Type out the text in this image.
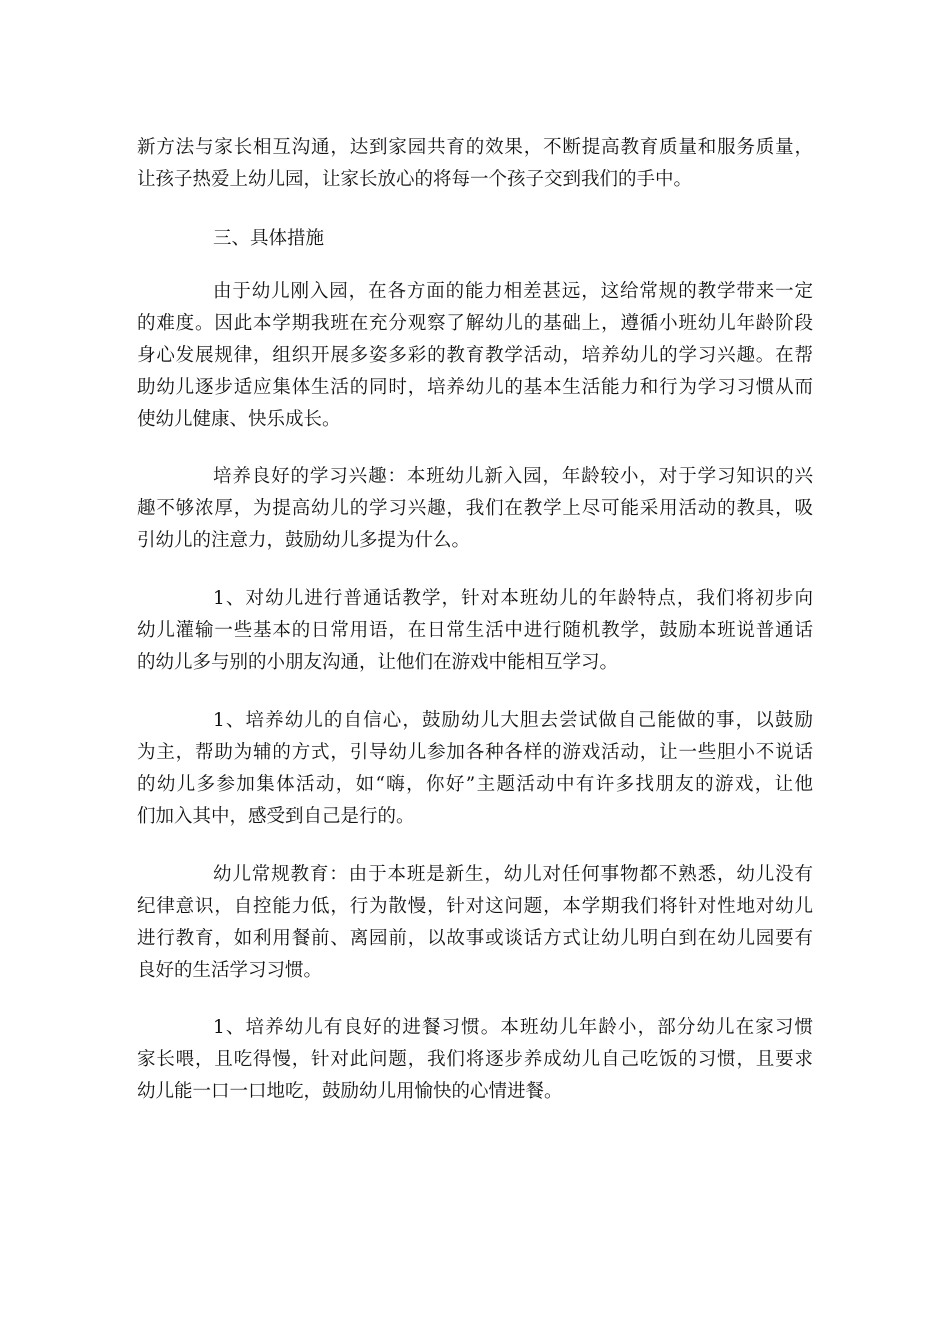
新方法与家长相互沟通，达到家园共育的效果，不断提高教育质量和服务质量，
让孩子热爱上幼儿园，让家长放心的将每一个孩子交到我们的手中。
三、具体措施
由于幼儿刚入园，在各方面的能力相差甚远，这给常规的教学带来一定
的难度。因此本学期我班在充分观察了解幼儿的基础上，遵循小班幼儿年龄阶段
身心发展规律，组织开展多姿多彩的教育教学活动，培养幼儿的学习兴趣。在帮
助幼儿逐步适应集体生活的同时，培养幼儿的基本生活能力和行为学习习惯从而
使幼儿健康、快乐成长。
培养良好的学习兴趣：本班幼儿新入园，年龄较小，对于学习知识的兴
趣不够浓厚，为提高幼儿的学习兴趣，我们在教学上尽可能采用活动的教具，吸
引幼儿的注意力，鼓励幼儿多提为什么。
1、对幼儿进行普通话教学，针对本班幼儿的年龄特点，我们将初步向
幼儿灌输一些基本的日常用语，在日常生活中进行随机教学，鼓励本班说普通话
的幼儿多与别的小朋友沟通，让他们在游戏中能相互学习。
1、培养幼儿的自信心，鼓励幼儿大胆去尝试做自己能做的事，以鼓励
为主，帮助为辅的方式，引导幼儿参加各种各样的游戏活动，让一些胆小不说话
的幼儿多参加集体活动，如“嗨，你好”主题活动中有许多找朋友的游戏，让他
们加入其中，感受到自己是行的。
幼儿常规教育：由于本班是新生，幼儿对任何事物都不熟悉，幼儿没有
纪律意识，自控能力低，行为散慢，针对这问题，本学期我们将针对性地对幼儿
进行教育，如利用餐前、离园前，以故事或谈话方式让幼儿明白到在幼儿园要有
良好的生活学习习惯。
1、培养幼儿有良好的进餐习惯。本班幼儿年龄小，部分幼儿在家习惯
家长喂，且吃得慢，针对此问题，我们将逐步养成幼儿自己吃饭的习惯，且要求
幼儿能一口一口地吃，鼓励幼儿用愉快的心情进餐。
